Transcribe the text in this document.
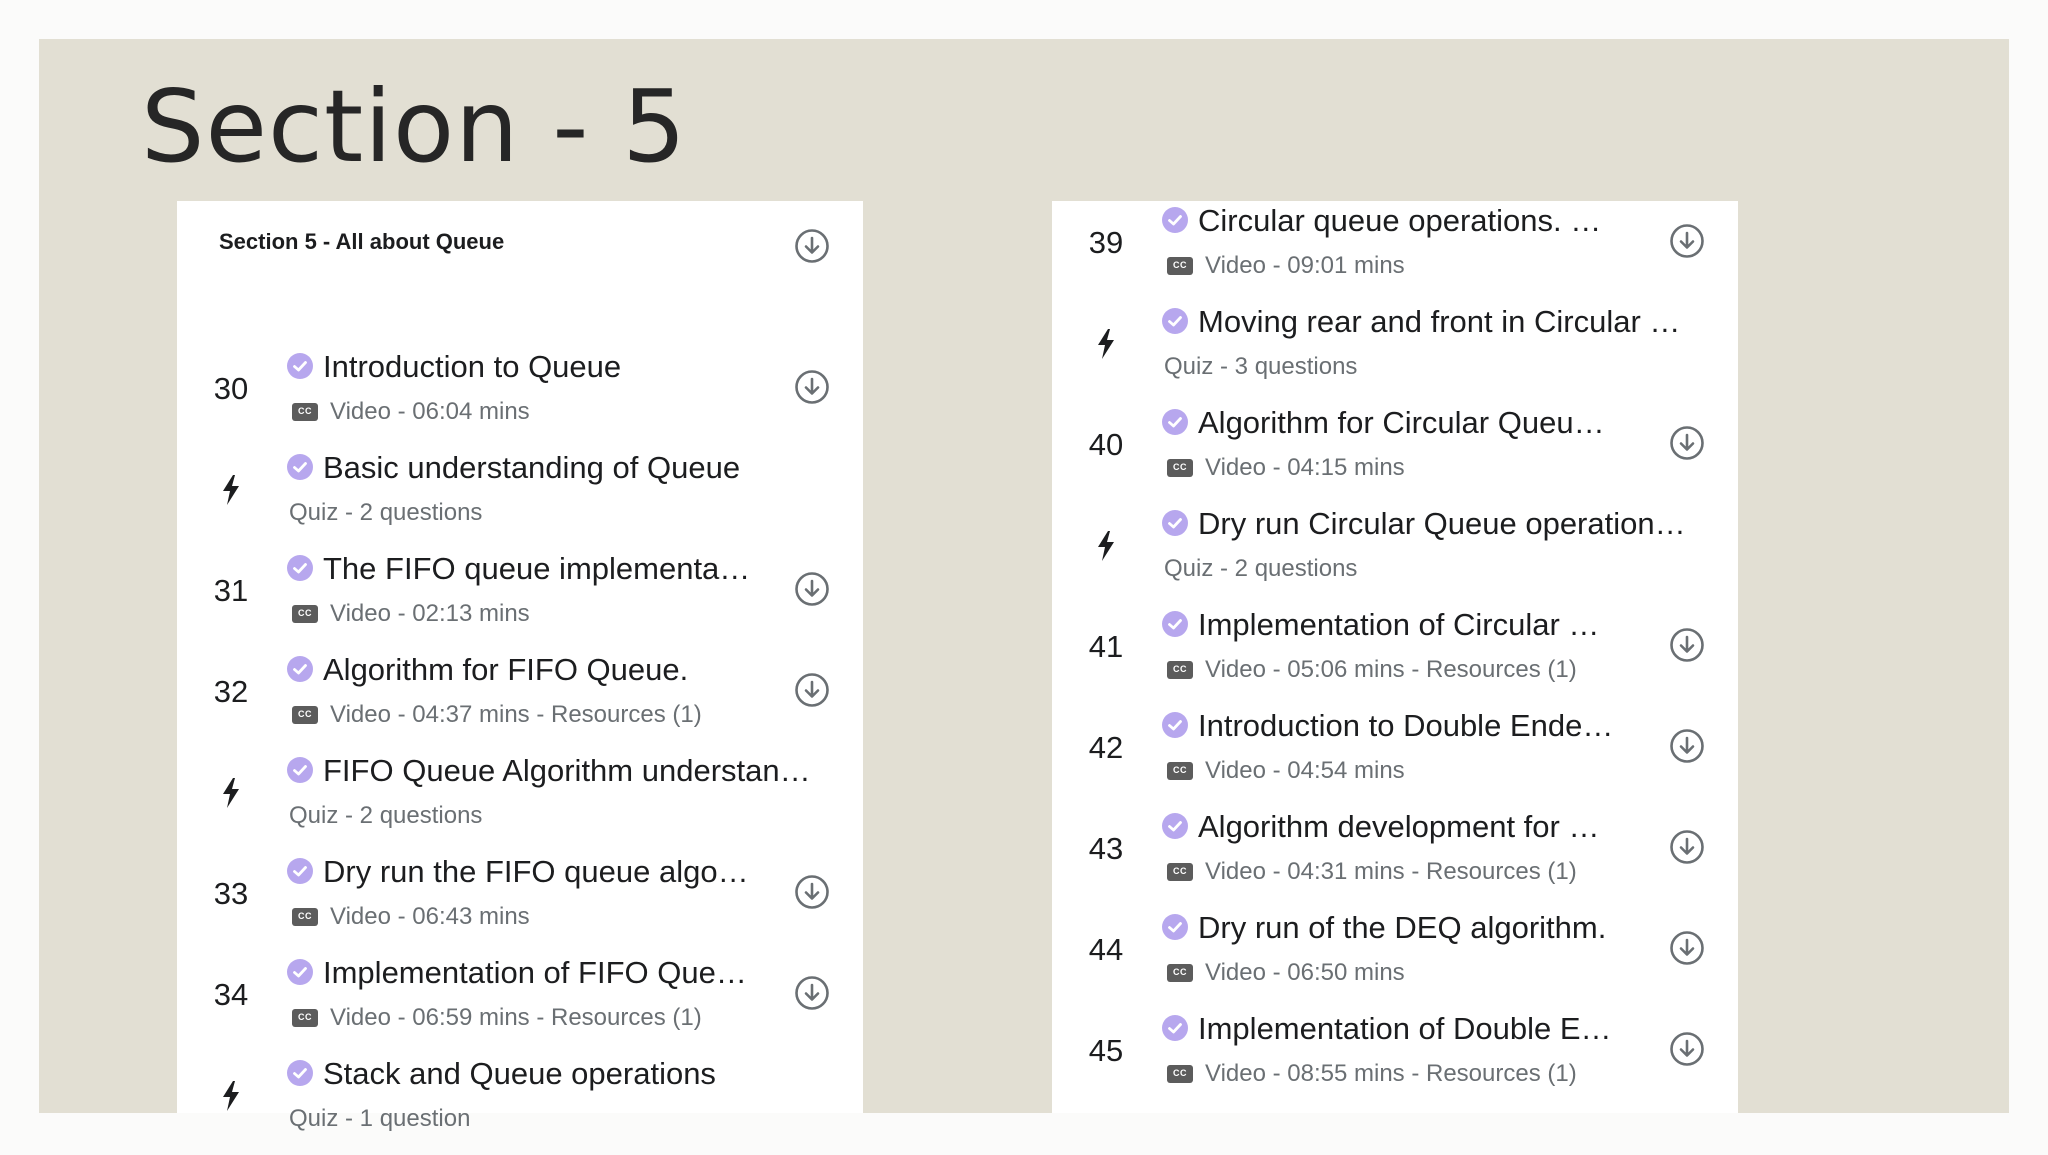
Section - 5
Section 5 - All about Queue
30
Introduction to Queue
CC Video - 06:04 mins
Basic understanding of Queue
Quiz - 2 questions
31
The FIFO queue implementa…
CC Video - 02:13 mins
32
Algorithm for FIFO Queue.
CC Video - 04:37 mins - Resources (1)
FIFO Queue Algorithm understan…
Quiz - 2 questions
33
Dry run the FIFO queue algo…
CC Video - 06:43 mins
34
Implementation of FIFO Que…
CC Video - 06:59 mins - Resources (1)
Stack and Queue operations
Quiz - 1 question
39
Circular queue operations. …
CC Video - 09:01 mins
Moving rear and front in Circular …
Quiz - 3 questions
40
Algorithm for Circular Queu…
CC Video - 04:15 mins
Dry run Circular Queue operation…
Quiz - 2 questions
41
Implementation of Circular …
CC Video - 05:06 mins - Resources (1)
42
Introduction to Double Ende…
CC Video - 04:54 mins
43
Algorithm development for …
CC Video - 04:31 mins - Resources (1)
44
Dry run of the DEQ algorithm.
CC Video - 06:50 mins
45
Implementation of Double E…
CC Video - 08:55 mins - Resources (1)
